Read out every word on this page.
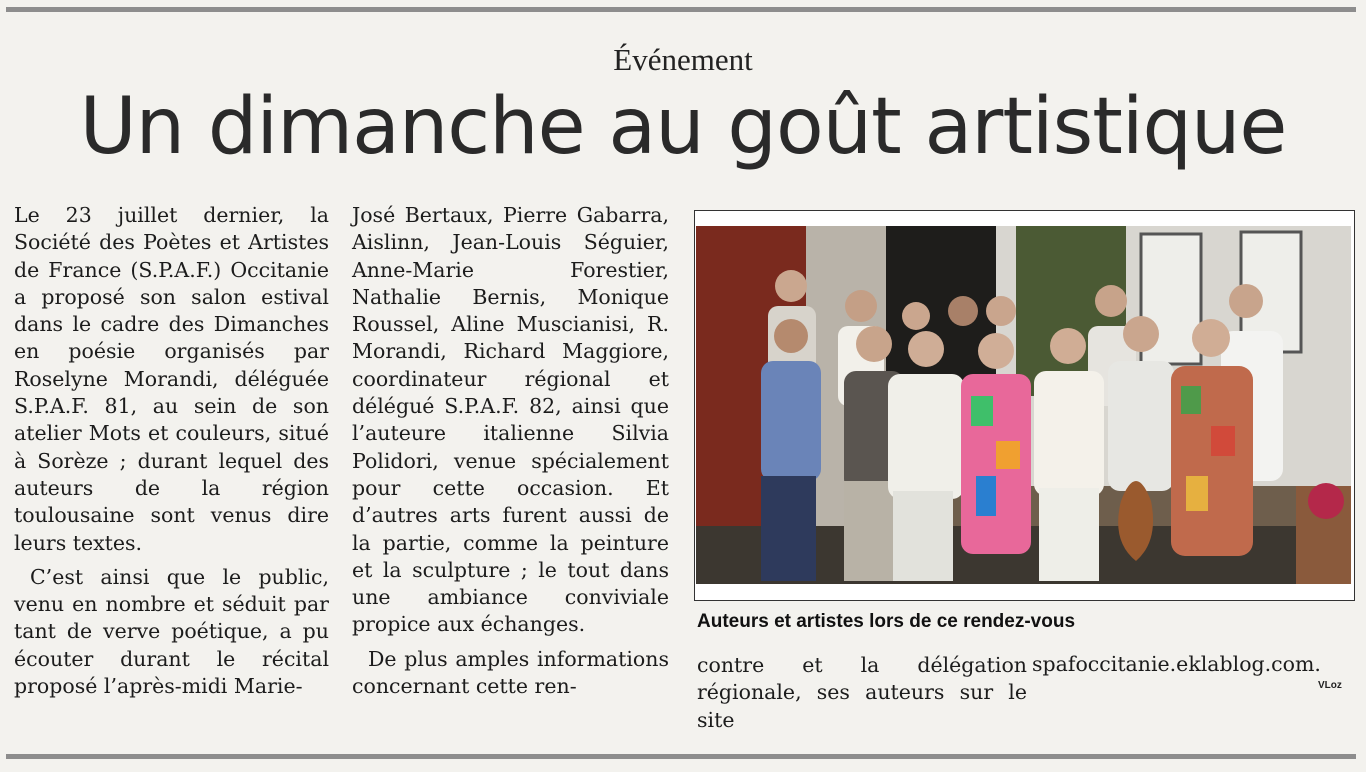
Événement
Un dimanche au goût artistique

Le 23 juillet dernier, la Société des Poètes et Artistes de France (S.P.A.F.) Occitanie a proposé son salon estival dans le cadre des Dimanches en poésie organisés par Roselyne Morandi, déléguée S.P.A.F. 81, au sein de son atelier Mots et couleurs, situé à Sorèze ; durant lequel des auteurs de la région toulousaine sont venus dire leurs textes.

C’est ainsi que le public, venu en nombre et séduit par tant de verve poétique, a pu écouter durant le récital proposé l’après-midi Marie-

José Bertaux, Pierre Gabarra, Aislinn, Jean-Louis Séguier, Anne-Marie Forestier, Nathalie Bernis, Monique Roussel, Aline Muscianisi, R. Morandi, Richard Maggiore, coordinateur régional et délégué S.P.A.F. 82, ainsi que l’auteure italienne Silvia Polidori, venue spécialement pour cette occasion. Et d’autres arts furent aussi de la partie, comme la peinture et la sculpture ; le tout dans une ambiance conviviale propice aux échanges.

De plus amples informations concernant cette ren-

Auteurs et artistes lors de ce rendez-vous

contre et la délégation régionale, ses auteurs sur le site

spafoccitanie.eklablog.com.
VLoz
